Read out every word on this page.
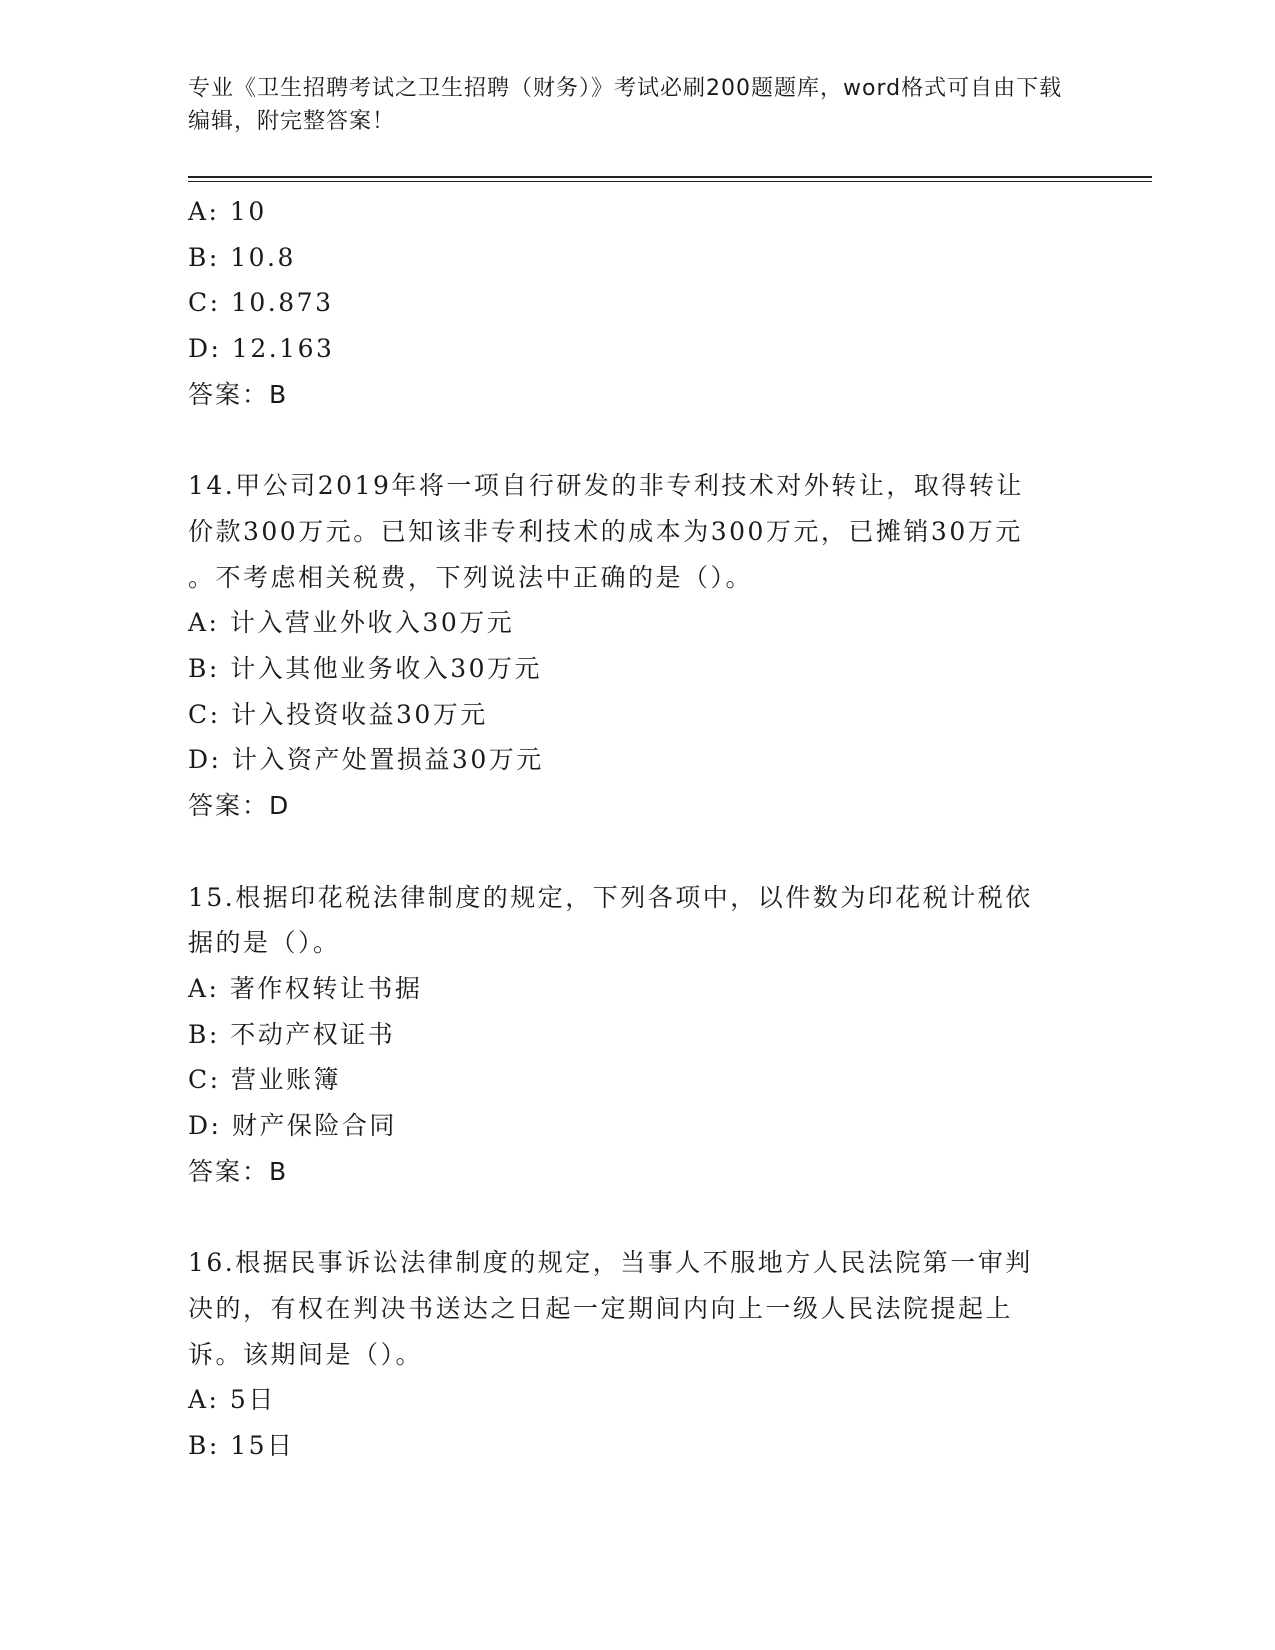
专业《卫生招聘考试之卫生招聘（财务）》考试必刷200题题库，word格式可自由下载编辑，附完整答案！
A: 10
B: 10.8
C: 10.873
D: 12.163
答案：B
14.甲公司2019年将一项自行研发的非专利技术对外转让，取得转让
价款300万元。已知该非专利技术的成本为300万元，已摊销30万元
。不考虑相关税费，下列说法中正确的是（）。
A: 计入营业外收入30万元
B: 计入其他业务收入30万元
C: 计入投资收益30万元
D: 计入资产处置损益30万元
答案：D
15.根据印花税法律制度的规定，下列各项中，以件数为印花税计税依
据的是（）。
A: 著作权转让书据
B: 不动产权证书
C: 营业账簿
D: 财产保险合同
答案：B
16.根据民事诉讼法律制度的规定，当事人不服地方人民法院第一审判
决的，有权在判决书送达之日起一定期间内向上一级人民法院提起上
诉。该期间是（）。
A: 5日
B: 15日
